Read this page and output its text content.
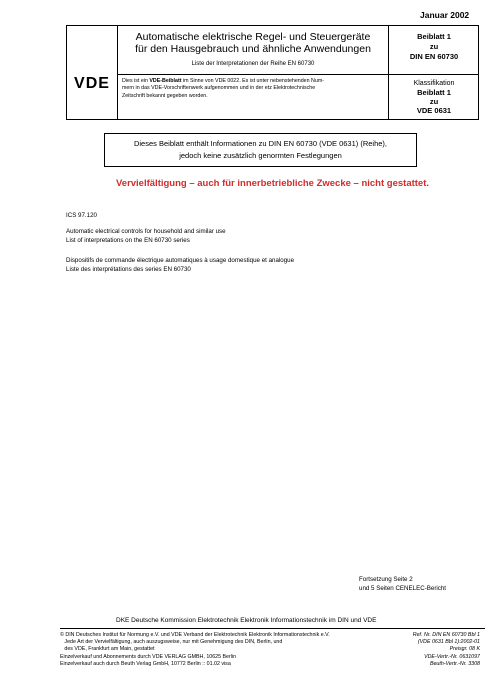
Januar 2002
VDE
Automatische elektrische Regel- und Steuergeräte
für den Hausgebrauch und ähnliche Anwendungen
Liste der Interpretationen der Reihe EN 60730
Dies ist ein VDE-Beiblatt im Sinne von VDE 0022. Es ist unter nebenstehenden Num-
mern in das VDE-Vorschriftenwerk aufgenommen und in der etz Elektrotechnische
Zeitschrift bekannt gegeben worden.
Beiblatt 1
zu
DIN EN 60730
Klassifikation
Beiblatt 1
zu
VDE 0631
Dieses Beiblatt enthält Informationen zu DIN EN 60730 (VDE 0631) (Reihe),
jedoch keine zusätzlich genormten Festlegungen
Vervielfältigung – auch für innerbetriebliche Zwecke – nicht gestattet.
ICS 97.120
Automatic electrical controls for household and similar use
List of interpretations on the EN 60730 series
Dispositifs de commande électrique automatiques à usage domestique et analogue
Liste des interprétations des series EN 60730
Fortsetzung Seite 2
und 5 Seiten CENELEC-Bericht
DKE Deutsche Kommission Elektrotechnik Elektronik Informationstechnik im DIN und VDE
© DIN Deutsches Institut für Normung e.V. und VDE Verband der Elektrotechnik Elektronik Informationstechnik e.V.
Jede Art der Vervielfältigung, auch auszugsweise, nur mit Genehmigung des DIN, Berlin, und
des VDE, Frankfurt am Main, gestattet
Einzelverkauf und Abonnements durch VDE VERLAG GMBH, 10625 Berlin
Einzelverkauf auch durch Beuth Verlag GmbH, 10772 Berlin :: 01.02 visa
Ref. Nr. DIN EN 60730 Bbl 1
(VDE 0631 Bbl 1):2002-01
Preisgr. 08 K
VDE-Vertr.-Nr. 0631097
Beuth-Vertr.-Nr. 3308
